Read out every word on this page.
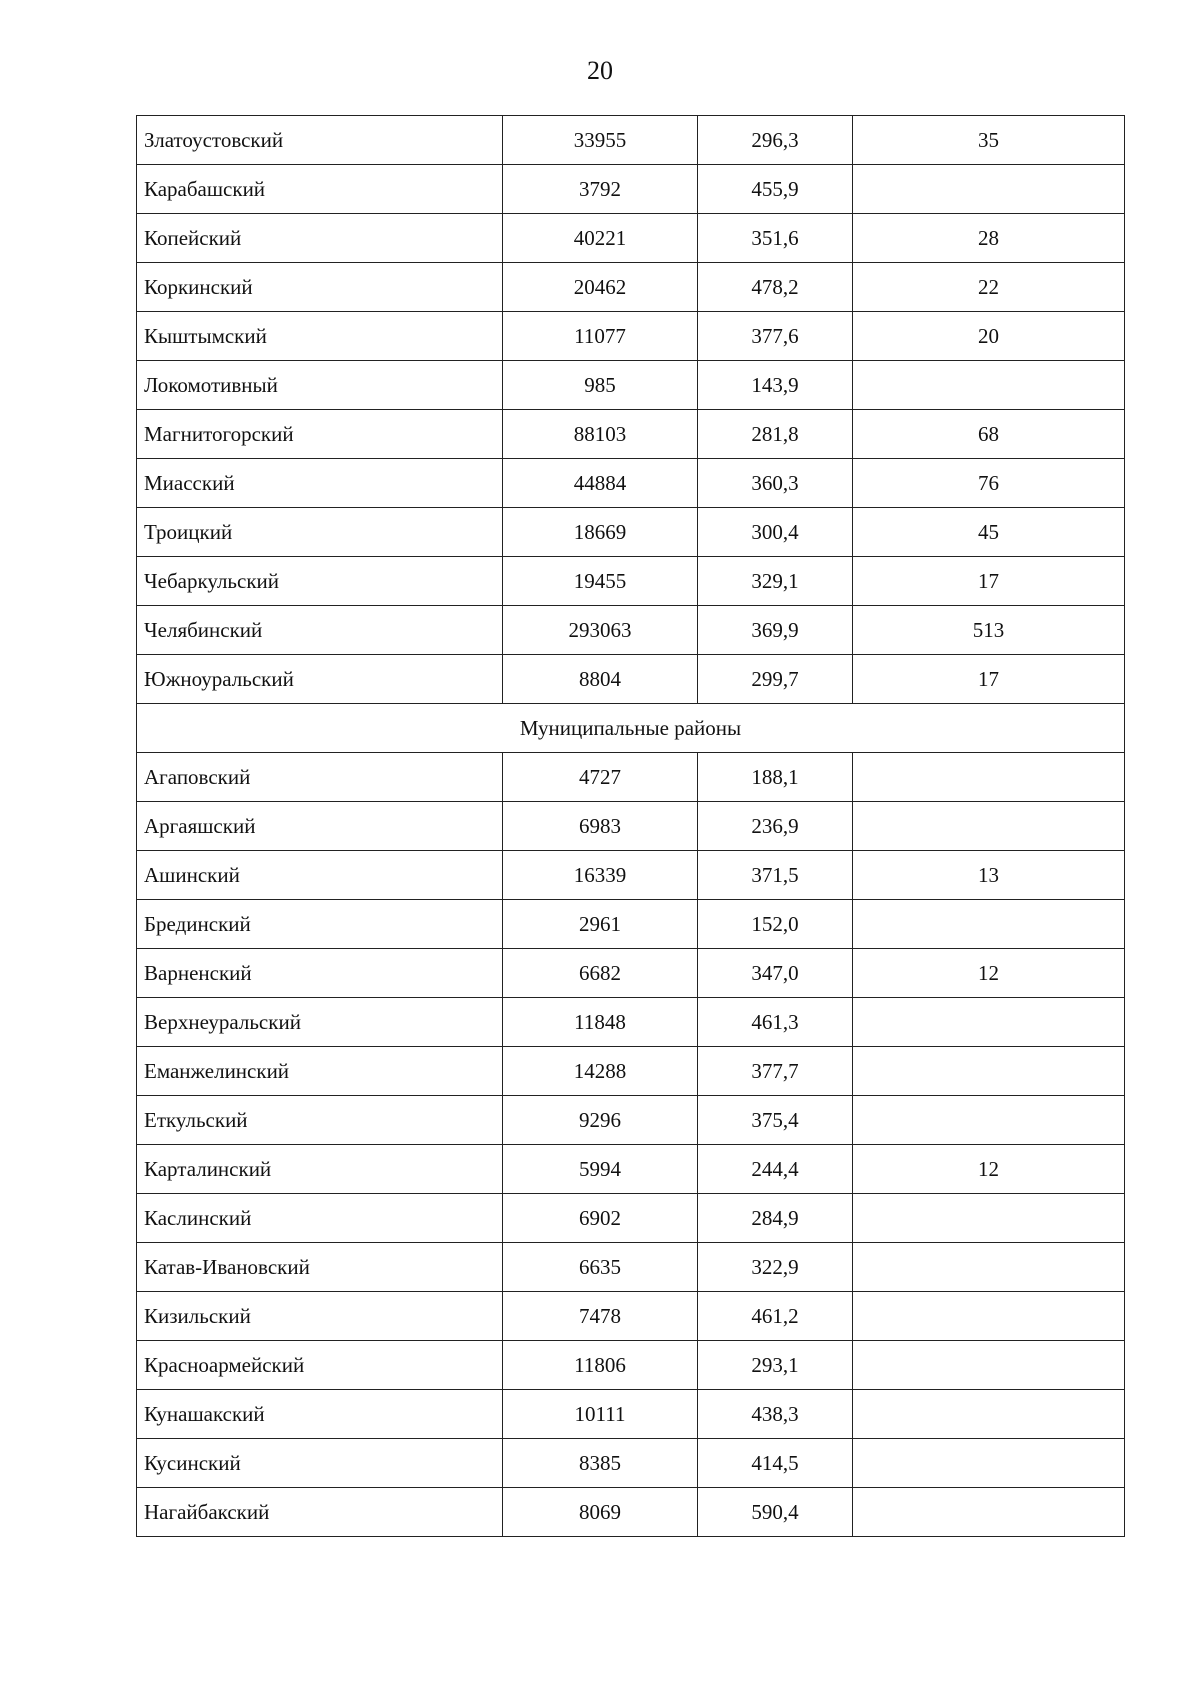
20
Златоустовский	33955	296,3	35
Карабашский	3792	455,9	
Копейский	40221	351,6	28
Коркинский	20462	478,2	22
Кыштымский	11077	377,6	20
Локомотивный	985	143,9	
Магнитогорский	88103	281,8	68
Миасский	44884	360,3	76
Троицкий	18669	300,4	45
Чебаркульский	19455	329,1	17
Челябинский	293063	369,9	513
Южноуральский	8804	299,7	17
Муниципальные районы			
Агаповский	4727	188,1	
Аргаяшский	6983	236,9	
Ашинский	16339	371,5	13
Брединский	2961	152,0	
Варненский	6682	347,0	12
Верхнеуральский	11848	461,3	
Еманжелинский	14288	377,7	
Еткульский	9296	375,4	
Карталинский	5994	244,4	12
Каслинский	6902	284,9	
Катав-Ивановский	6635	322,9	
Кизильский	7478	461,2	
Красноармейский	11806	293,1	
Кунашакский	10111	438,3	
Кусинский	8385	414,5	
Нагайбакский	8069	590,4	
